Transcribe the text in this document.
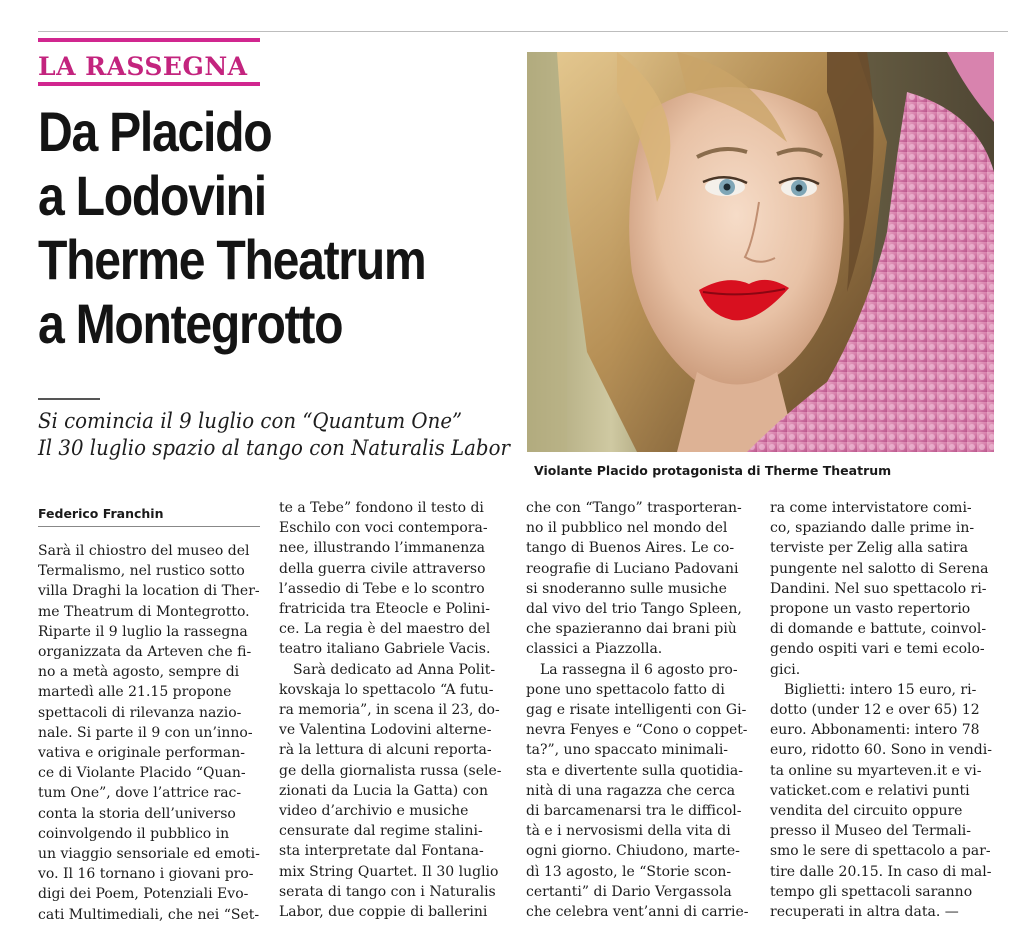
LA RASSEGNA
Da Placido
a Lodovini
Therme Theatrum
a Montegrotto
Si comincia il 9 luglio con “Quantum One”
Il 30 luglio spazio al tango con Naturalis Labor
Violante Placido protagonista di Therme Theatrum
Federico Franchin
Sarà il chiostro del museo del
Termalismo, nel rustico sotto
villa Draghi la location di Ther-
me Theatrum di Montegrotto.
Riparte il 9 luglio la rassegna
organizzata da Arteven che fi-
no a metà agosto, sempre di
martedì alle 21.15 propone
spettacoli di rilevanza nazio-
nale. Si parte il 9 con un’inno-
vativa e originale performan-
ce di Violante Placido “Quan-
tum One”, dove l’attrice rac-
conta la storia dell’universo
coinvolgendo il pubblico in
un viaggio sensoriale ed emoti-
vo. Il 16 tornano i giovani pro-
digi dei Poem, Potenziali Evo-
cati Multimediali, che nei “Set-
te a Tebe” fondono il testo di
Eschilo con voci contempora-
nee, illustrando l’immanenza
della guerra civile attraverso
l’assedio di Tebe e lo scontro
fratricida tra Eteocle e Polini-
ce. La regia è del maestro del
teatro italiano Gabriele Vacis.
Sarà dedicato ad Anna Polit-
kovskaja lo spettacolo “A futu-
ra memoria”, in scena il 23, do-
ve Valentina Lodovini alterne-
rà la lettura di alcuni reporta-
ge della giornalista russa (sele-
zionati da Lucia la Gatta) con
video d’archivio e musiche
censurate dal regime stalini-
sta interpretate dal Fontana-
mix String Quartet. Il 30 luglio
serata di tango con i Naturalis
Labor, due coppie di ballerini
che con “Tango” trasporteran-
no il pubblico nel mondo del
tango di Buenos Aires. Le co-
reografie di Luciano Padovani
si snoderanno sulle musiche
dal vivo del trio Tango Spleen,
che spazieranno dai brani più
classici a Piazzolla.
La rassegna il 6 agosto pro-
pone uno spettacolo fatto di
gag e risate intelligenti con Gi-
nevra Fenyes e “Cono o coppet-
ta?”, uno spaccato minimali-
sta e divertente sulla quotidia-
nità di una ragazza che cerca
di barcamenarsi tra le difficol-
tà e i nervosismi della vita di
ogni giorno. Chiudono, marte-
dì 13 agosto, le “Storie scon-
certanti” di Dario Vergassola
che celebra vent’anni di carrie-
ra come intervistatore comi-
co, spaziando dalle prime in-
terviste per Zelig alla satira
pungente nel salotto di Serena
Dandini. Nel suo spettacolo ri-
propone un vasto repertorio
di domande e battute, coinvol-
gendo ospiti vari e temi ecolo-
gici.
Biglietti: intero 15 euro, ri-
dotto (under 12 e over 65) 12
euro. Abbonamenti: intero 78
euro, ridotto 60. Sono in vendi-
ta online su myarteven.it e vi-
vaticket.com e relativi punti
vendita del circuito oppure
presso il Museo del Termali-
smo le sere di spettacolo a par-
tire dalle 20.15. In caso di mal-
tempo gli spettacoli saranno
recuperati in altra data. —
